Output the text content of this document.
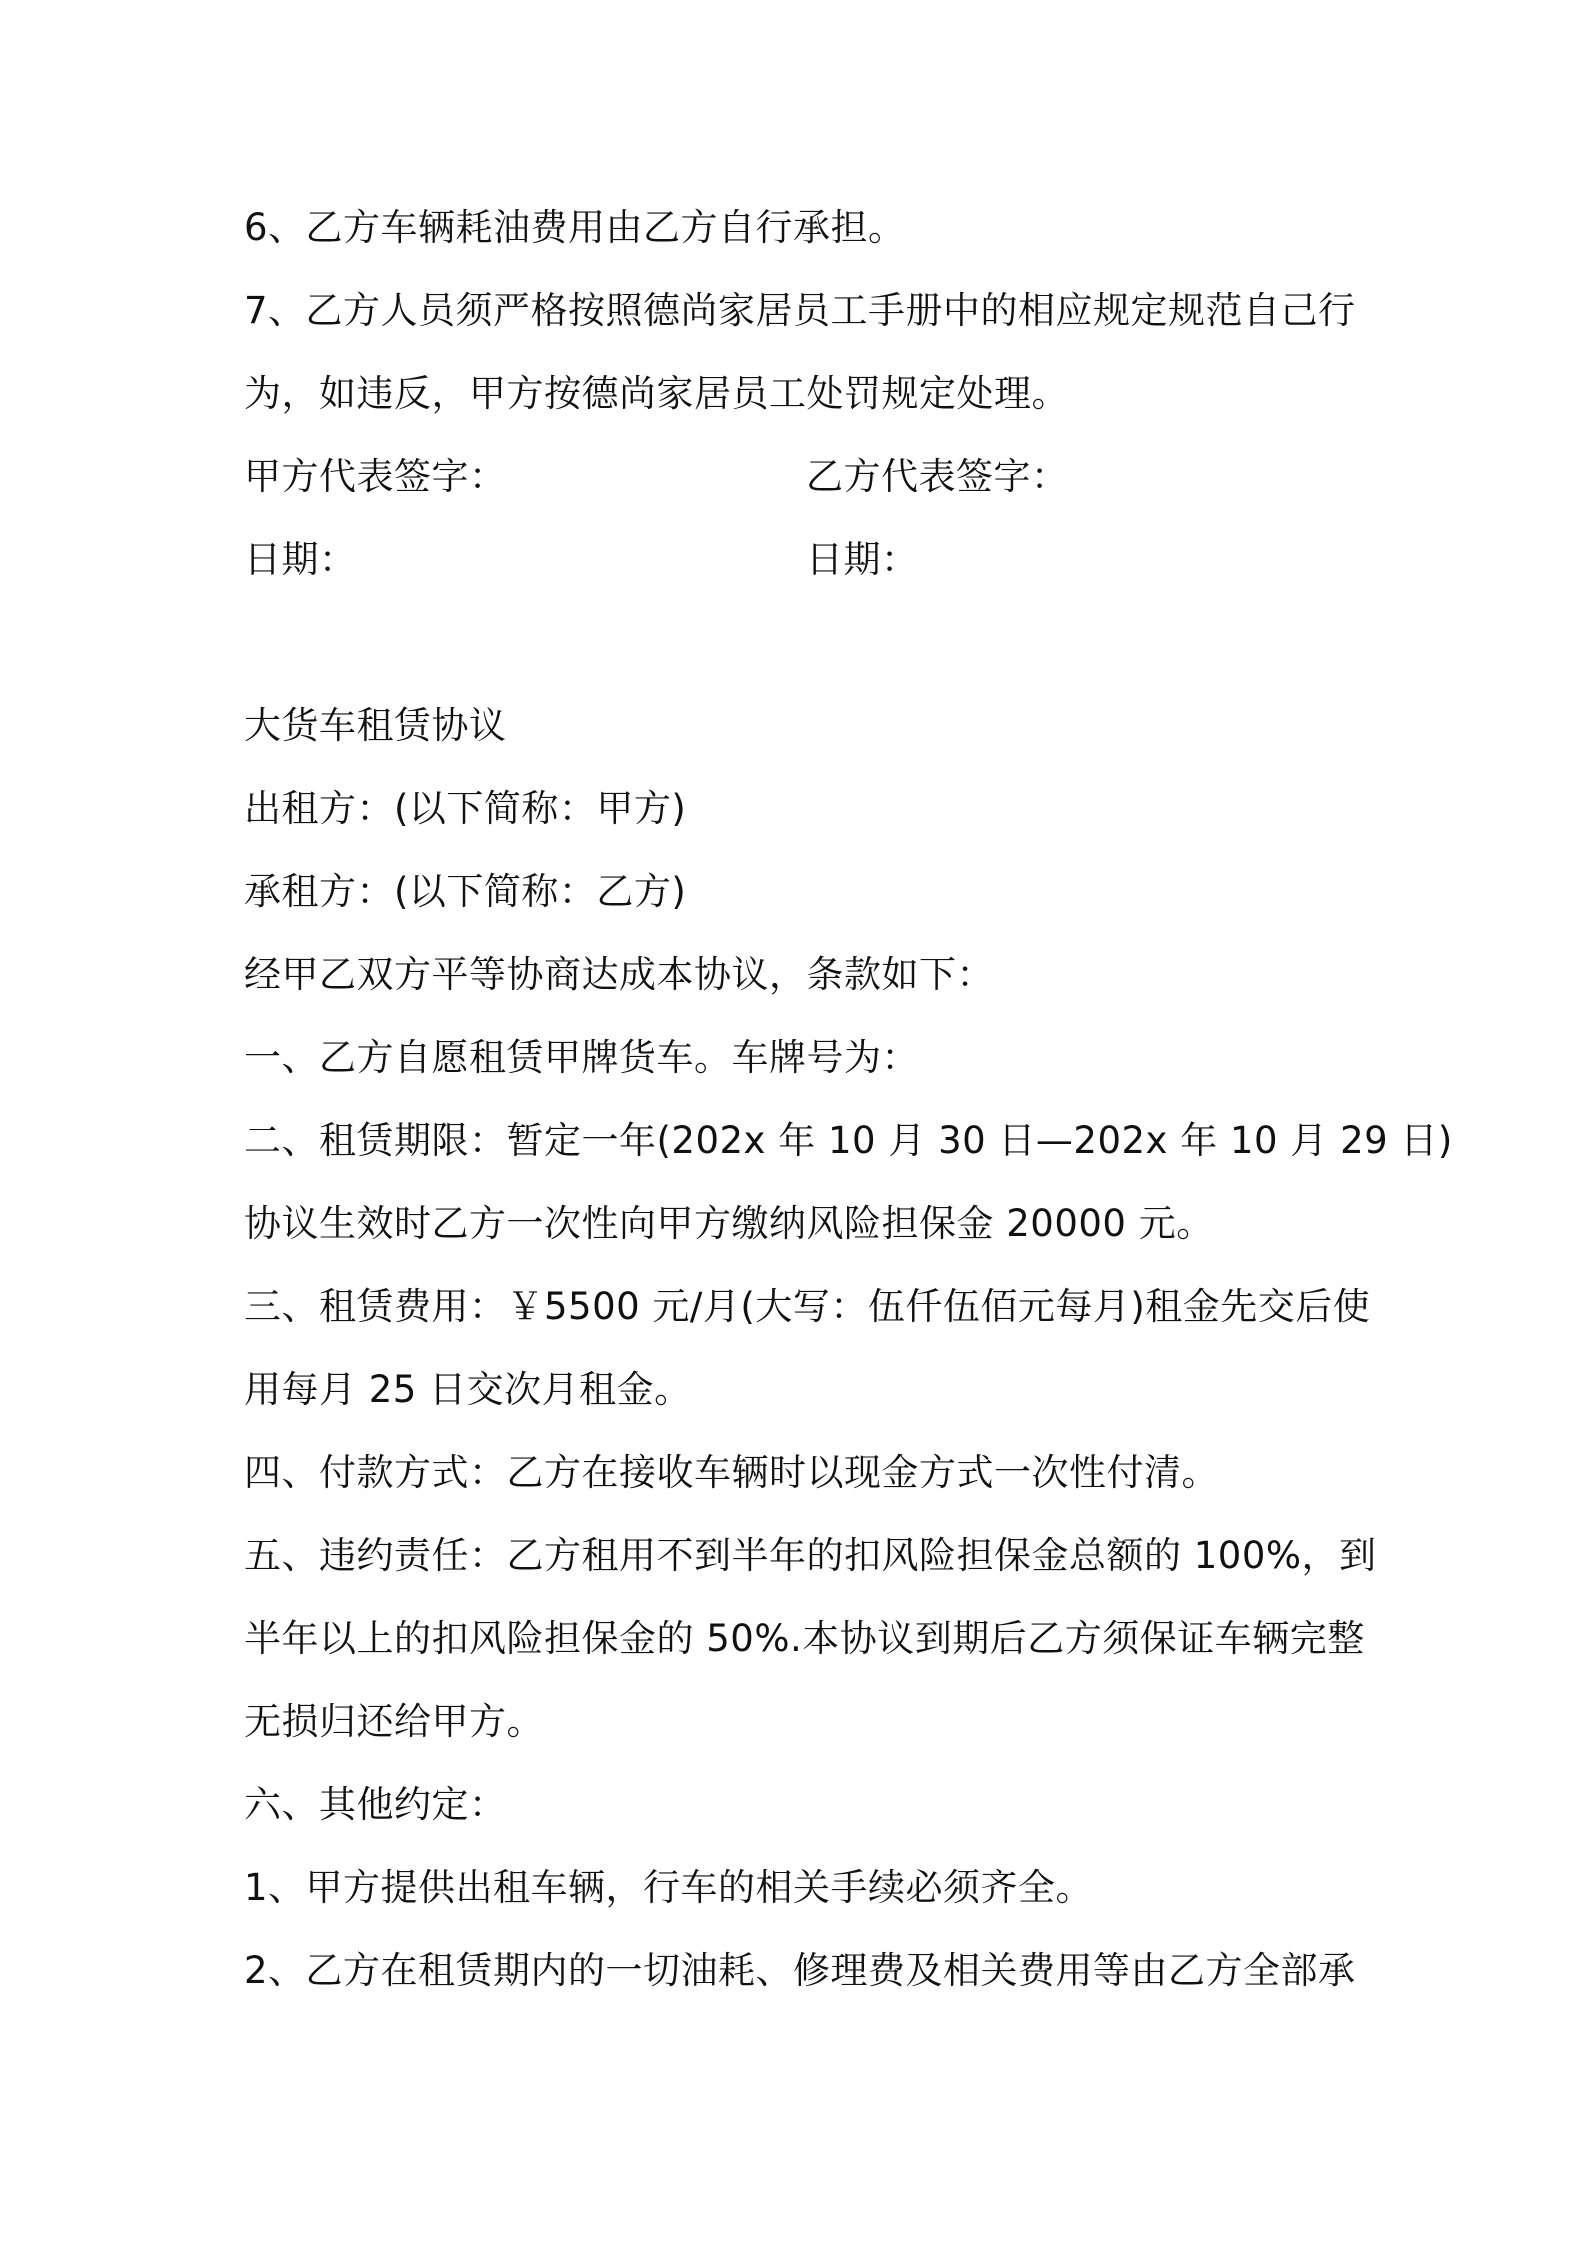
6、乙方车辆耗油费用由乙方自行承担。
7、乙方人员须严格按照德尚家居员工手册中的相应规定规范自己行
为，如违反，甲方按德尚家居员工处罚规定处理。
甲方代表签字：	乙方代表签字：
日期：	日期：
大货车租赁协议
出租方：(以下简称：甲方)
承租方：(以下简称：乙方)
经甲乙双方平等协商达成本协议，条款如下：
一、乙方自愿租赁甲牌货车。车牌号为：
二、租赁期限：暂定一年(202x 年 10 月 30 日—202x 年 10 月 29 日)
协议生效时乙方一次性向甲方缴纳风险担保金 20000 元。
三、租赁费用：￥5500 元/月(大写：伍仟伍佰元每月)租金先交后使
用每月 25 日交次月租金。
四、付款方式：乙方在接收车辆时以现金方式一次性付清。
五、违约责任：乙方租用不到半年的扣风险担保金总额的 100%，到
半年以上的扣风险担保金的 50%.本协议到期后乙方须保证车辆完整
无损归还给甲方。
六、其他约定：
1、甲方提供出租车辆，行车的相关手续必须齐全。
2、乙方在租赁期内的一切油耗、修理费及相关费用等由乙方全部承
